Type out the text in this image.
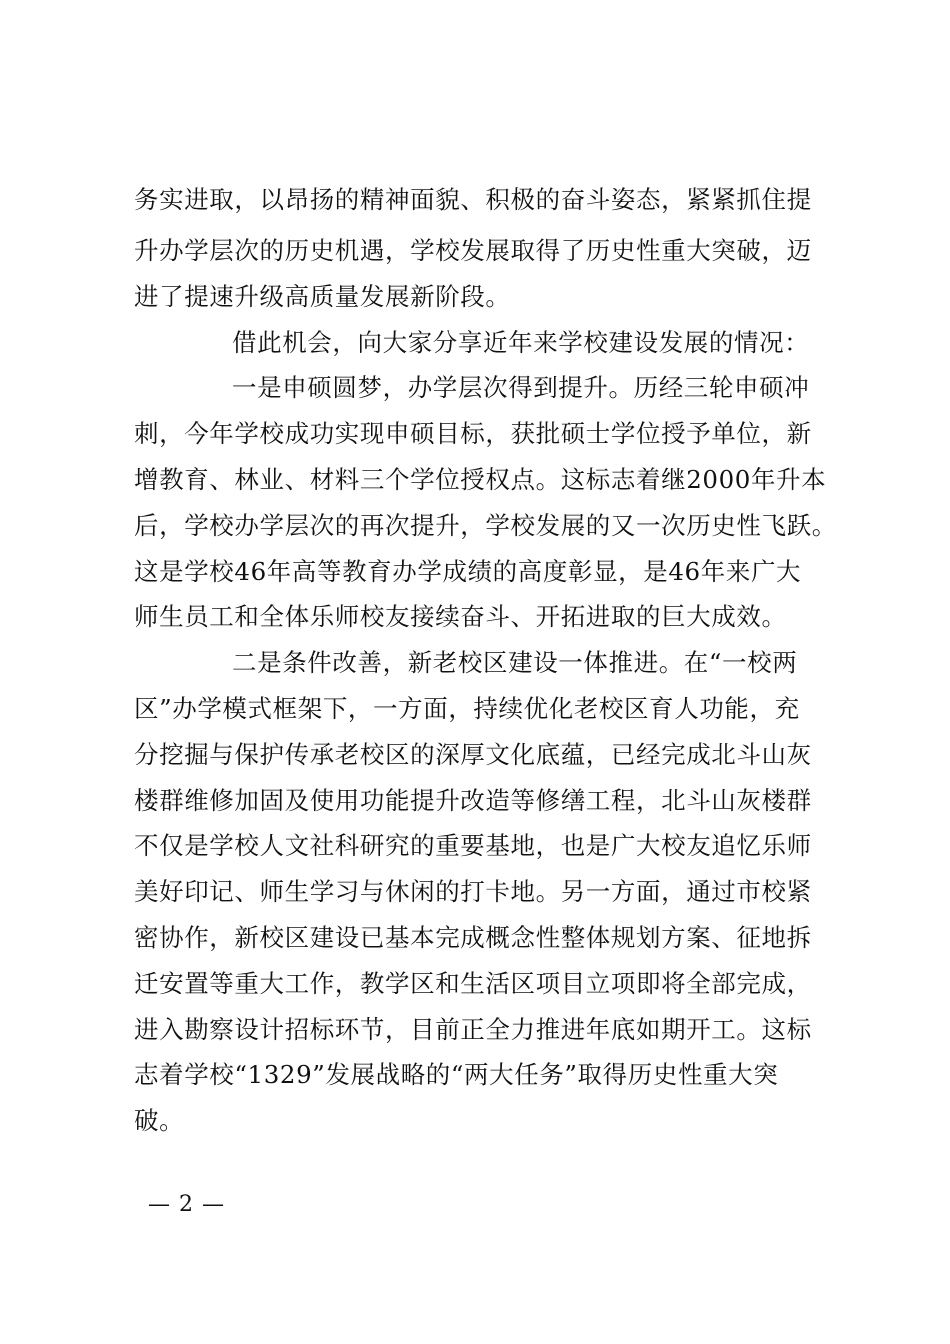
务实进取，以昂扬的精神面貌、积极的奋斗姿态，紧紧抓住提
升办学层次的历史机遇，学校发展取得了历史性重大突破，迈
进了提速升级高质量发展新阶段。
借此机会，向大家分享近年来学校建设发展的情况：
一是申硕圆梦，办学层次得到提升。历经三轮申硕冲
刺，今年学校成功实现申硕目标，获批硕士学位授予单位，新
增教育、林业、材料三个学位授权点。这标志着继2000年升本
后，学校办学层次的再次提升，学校发展的又一次历史性飞跃。
这是学校46年高等教育办学成绩的高度彰显，是46年来广大
师生员工和全体乐师校友接续奋斗、开拓进取的巨大成效。
二是条件改善，新老校区建设一体推进。在“一校两
区”办学模式框架下，一方面，持续优化老校区育人功能，充
分挖掘与保护传承老校区的深厚文化底蕴，已经完成北斗山灰
楼群维修加固及使用功能提升改造等修缮工程，北斗山灰楼群
不仅是学校人文社科研究的重要基地，也是广大校友追忆乐师
美好印记、师生学习与休闲的打卡地。另一方面，通过市校紧
密协作，新校区建设已基本完成概念性整体规划方案、征地拆
迁安置等重大工作，教学区和生活区项目立项即将全部完成，
进入勘察设计招标环节，目前正全力推进年底如期开工。这标
志着学校“1329”发展战略的“两大任务”取得历史性重大突
破。
— 2 —
